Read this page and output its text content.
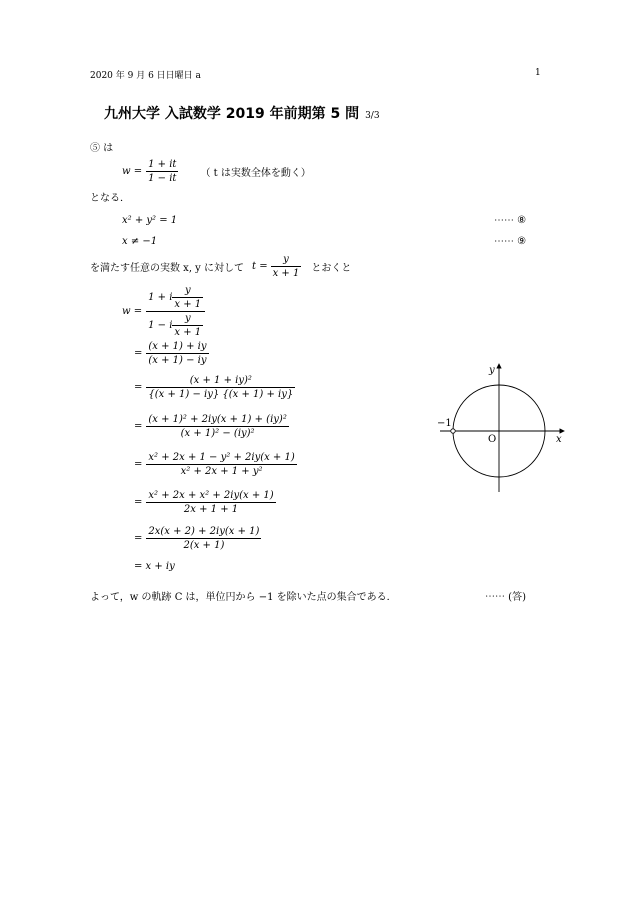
2020 年 9 月 6 日日曜日 a	1
九州大学 入試数学 2019 年前期第 5 問 3/3
⑤ は
$w = \frac{1 + it}{1 - it}$ （ t は実数全体を動く）
となる．
x² + y² = 1	⋯⋯ ⑧
x ≠ −1	⋯⋯ ⑨
を満たす任意の実数 x, y に対して $t = \frac{y}{x + 1}$ とおくと
$w = \frac{1 + i \frac{y}{x + 1}}{1 - i \frac{y}{x + 1}}$
= $\frac{(x + 1) + iy}{(x + 1) - iy}$
= $\frac{\text{(x + 1 + iy)²}}{\{(x + 1) - iy\} \{(x + 1) + iy\}}$
= $\frac{\text{(x + 1)² + 2iy(x + 1) + (iy)²}}{\text{(x + 1)² − (iy)²}}$
= $\frac{\text{x² + 2x + 1 − y² + 2iy(x + 1)}}{\text{x² + 2x + 1 + y²}}$
= $\frac{\text{x² + 2x + x² + 2iy(x + 1)}}{2x + 1 + 1}$
= $\frac{2x(x + 2) + 2iy(x + 1)}{2(x + 1)}$
= x + iy
y
x
O
−1
よって，w の軌跡 C は，単位円から −1 を除いた点の集合である．	⋯⋯ (答)
